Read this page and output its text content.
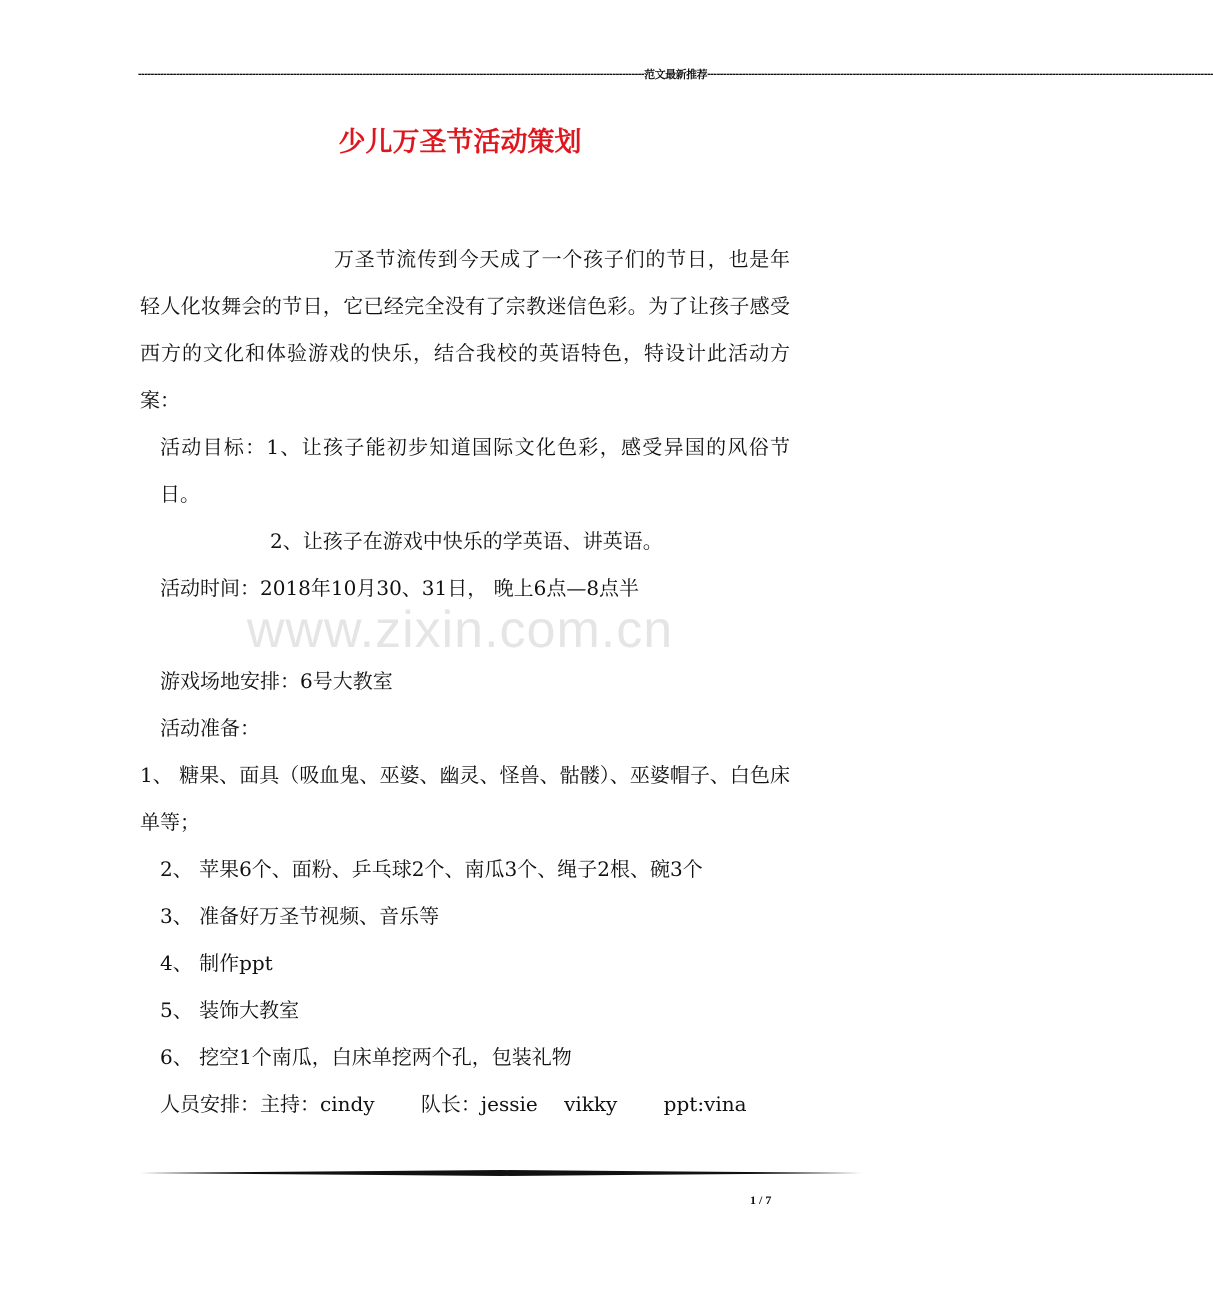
---------------------------------------------------------------------------------------------------------------------------------------------------------------- 范文最新推荐 ----------------------------------------------------------------------------------------------------------------------------------------------------------------
少儿万圣节活动策划

万圣节流传到今天成了一个孩子们的节日，也是年轻人化妆舞会的节日，它已经完全没有了宗教迷信色彩。为了让孩子感受西方的文化和体验游戏的快乐，结合我校的英语特色，特设计此活动方案：

活动目标：1、让孩子能初步知道国际文化色彩，感受异国的风俗节日。

2、让孩子在游戏中快乐的学英语、讲英语。

活动时间：2018年10月30、31日， 晚上6点—8点半

游戏场地安排：6号大教室

活动准备：

1、 糖果、面具（吸血鬼、巫婆、幽灵、怪兽、骷髅）、巫婆帽子、白色床单等；

2、 苹果6个、面粉、乒乓球2个、南瓜3个、绳子2根、碗3个

3、 准备好万圣节视频、音乐等

4、 制作ppt

5、 装饰大教室

6、 挖空1个南瓜，白床单挖两个孔，包装礼物

人员安排：主持：cindy　　 队长：jessie　 vikky　　 ppt:vina

www.zixin.com.cn
1 / 7
